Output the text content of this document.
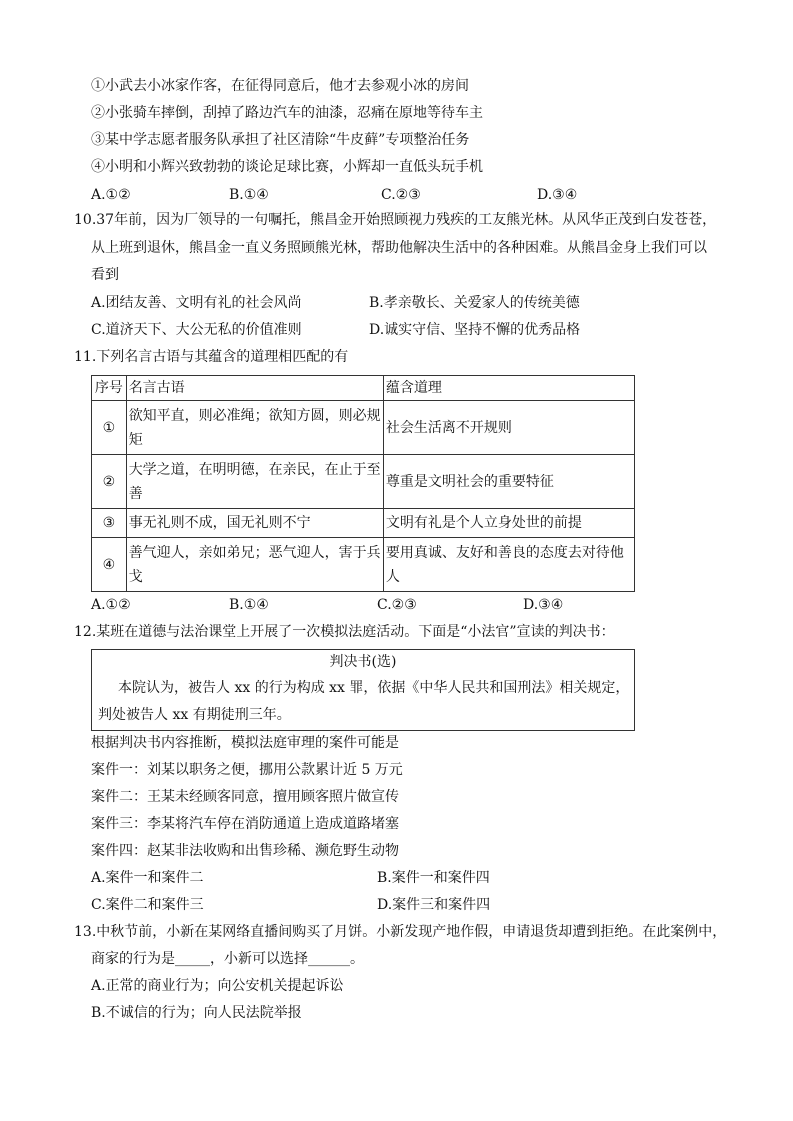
①小武去小冰家作客，在征得同意后，他才去参观小冰的房间
②小张骑车摔倒，刮掉了路边汽车的油漆，忍痛在原地等待车主
③某中学志愿者服务队承担了社区清除“牛皮藓”专项整治任务
④小明和小辉兴致勃勃的谈论足球比赛，小辉却一直低头玩手机
A.①②	B.①④	C.②③	D.③④
10.37年前，因为厂领导的一句嘱托，熊昌金开始照顾视力残疾的工友熊光林。从风华正茂到白发苍苍，
从上班到退休，熊昌金一直义务照顾熊光林，帮助他解决生活中的各种困难。从熊昌金身上我们可以
看到
A.团结友善、文明有礼的社会风尚	B.孝亲敬长、关爱家人的传统美德
C.道济天下、大公无私的价值准则	D.诚实守信、坚持不懈的优秀品格
11.下列名言古语与其蕴含的道理相匹配的有
序号	名言古语	蕴含道理
①	欲知平直，则必准绳；欲知方圆，则必规矩	社会生活离不开规则
②	大学之道，在明明德，在亲民，在止于至善	尊重是文明社会的重要特征
③	事无礼则不成，国无礼则不宁	文明有礼是个人立身处世的前提
④	善气迎人，亲如弟兄；恶气迎人，害于兵戈	要用真诚、友好和善良的态度去对待他人
A.①②	B.①④	C.②③	D.③④
12.某班在道德与法治课堂上开展了一次模拟法庭活动。下面是“小法官”宣读的判决书：
判决书(选)
本院认为，被告人 xx 的行为构成 xx 罪，依据《中华人民共和国刑法》相关规定，
判处被告人 xx 有期徒刑三年。
根据判决书内容推断，模拟法庭审理的案件可能是
案件一：刘某以职务之便，挪用公款累计近 5 万元
案件二：王某未经顾客同意，擅用顾客照片做宣传
案件三：李某将汽车停在消防通道上造成道路堵塞
案件四：赵某非法收购和出售珍稀、濒危野生动物
A.案件一和案件二	B.案件一和案件四
C.案件二和案件三	D.案件三和案件四
13.中秋节前，小新在某网络直播间购买了月饼。小新发现产地作假，申请退货却遭到拒绝。在此案例中，
商家的行为是_____，小新可以选择______。
A.正常的商业行为；向公安机关提起诉讼
B.不诚信的行为；向人民法院举报
